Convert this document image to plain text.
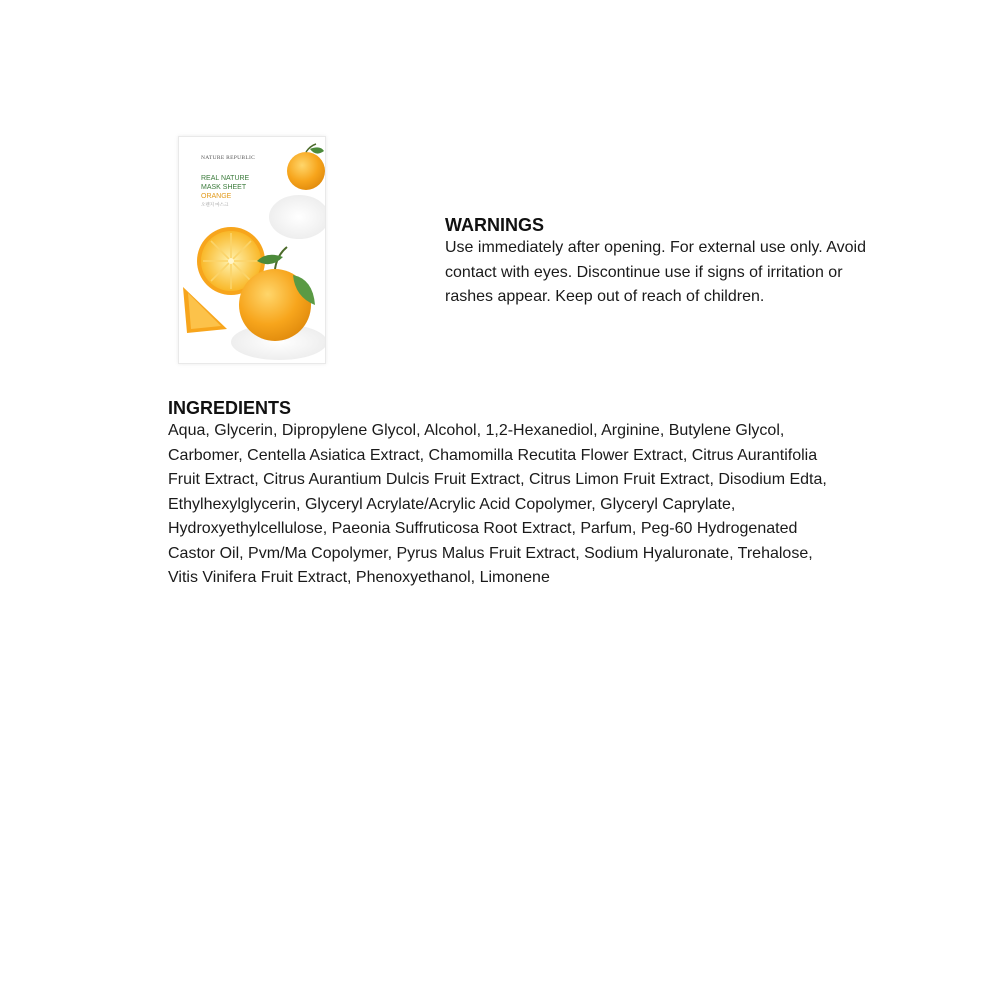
NATURE REPUBLIC
REAL NATURE
MASK SHEET
ORANGE
오렌지 마스크
WARNINGS

Use immediately after opening. For external use only. Avoid contact with eyes. Discontinue use if signs of irritation or rashes appear. Keep out of reach of children.

INGREDIENTS

Aqua, Glycerin, Dipropylene Glycol, Alcohol, 1,2-Hexanediol, Arginine, Butylene Glycol, Carbomer, Centella Asiatica Extract, Chamomilla Recutita Flower Extract, Citrus Aurantifolia Fruit Extract, Citrus Aurantium Dulcis Fruit Extract, Citrus Limon Fruit Extract, Disodium Edta, Ethylhexylglycerin, Glyceryl Acrylate/Acrylic Acid Copolymer, Glyceryl Caprylate, Hydroxyethylcellulose, Paeonia Suffruticosa Root Extract, Parfum, Peg-60 Hydrogenated Castor Oil, Pvm/Ma Copolymer, Pyrus Malus Fruit Extract, Sodium Hyaluronate, Trehalose, Vitis Vinifera Fruit Extract, Phenoxyethanol, Limonene
